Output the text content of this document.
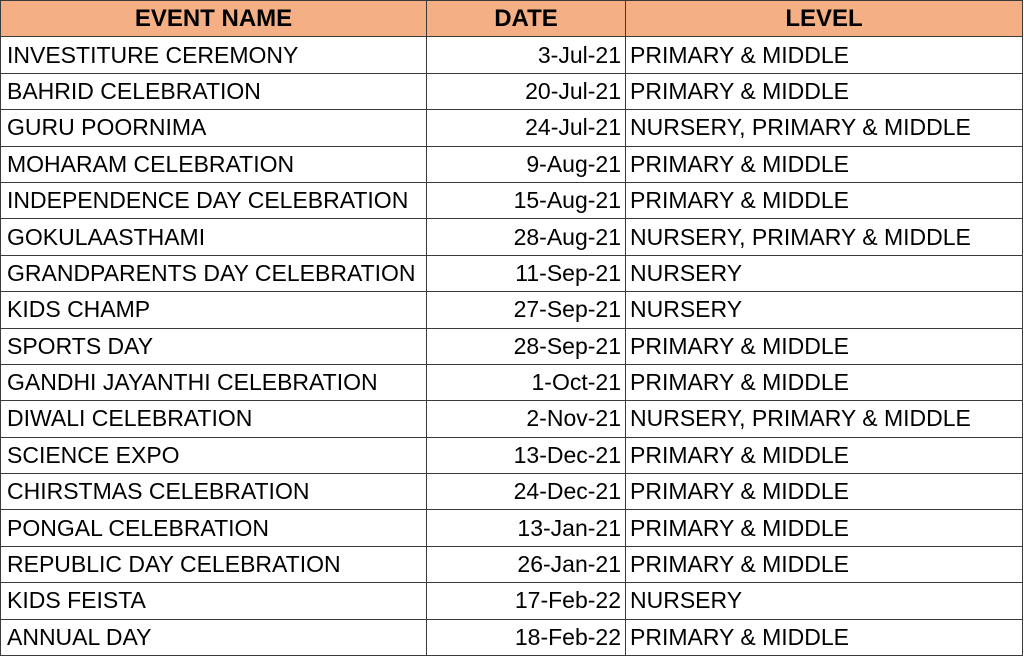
EVENT NAME	DATE	LEVEL
INVESTITURE CEREMONY	3-Jul-21	PRIMARY & MIDDLE
BAHRID CELEBRATION	20-Jul-21	PRIMARY & MIDDLE
GURU POORNIMA	24-Jul-21	NURSERY, PRIMARY & MIDDLE
MOHARAM CELEBRATION	9-Aug-21	PRIMARY & MIDDLE
INDEPENDENCE DAY CELEBRATION	15-Aug-21	PRIMARY & MIDDLE
GOKULAASTHAMI	28-Aug-21	NURSERY, PRIMARY & MIDDLE
GRANDPARENTS DAY CELEBRATION	11-Sep-21	NURSERY
KIDS CHAMP	27-Sep-21	NURSERY
SPORTS DAY	28-Sep-21	PRIMARY & MIDDLE
GANDHI JAYANTHI CELEBRATION	1-Oct-21	PRIMARY & MIDDLE
DIWALI CELEBRATION	2-Nov-21	NURSERY, PRIMARY & MIDDLE
SCIENCE EXPO	13-Dec-21	PRIMARY & MIDDLE
CHIRSTMAS CELEBRATION	24-Dec-21	PRIMARY & MIDDLE
PONGAL CELEBRATION	13-Jan-21	PRIMARY & MIDDLE
REPUBLIC DAY CELEBRATION	26-Jan-21	PRIMARY & MIDDLE
KIDS FEISTA	17-Feb-22	NURSERY
ANNUAL DAY	18-Feb-22	PRIMARY & MIDDLE
